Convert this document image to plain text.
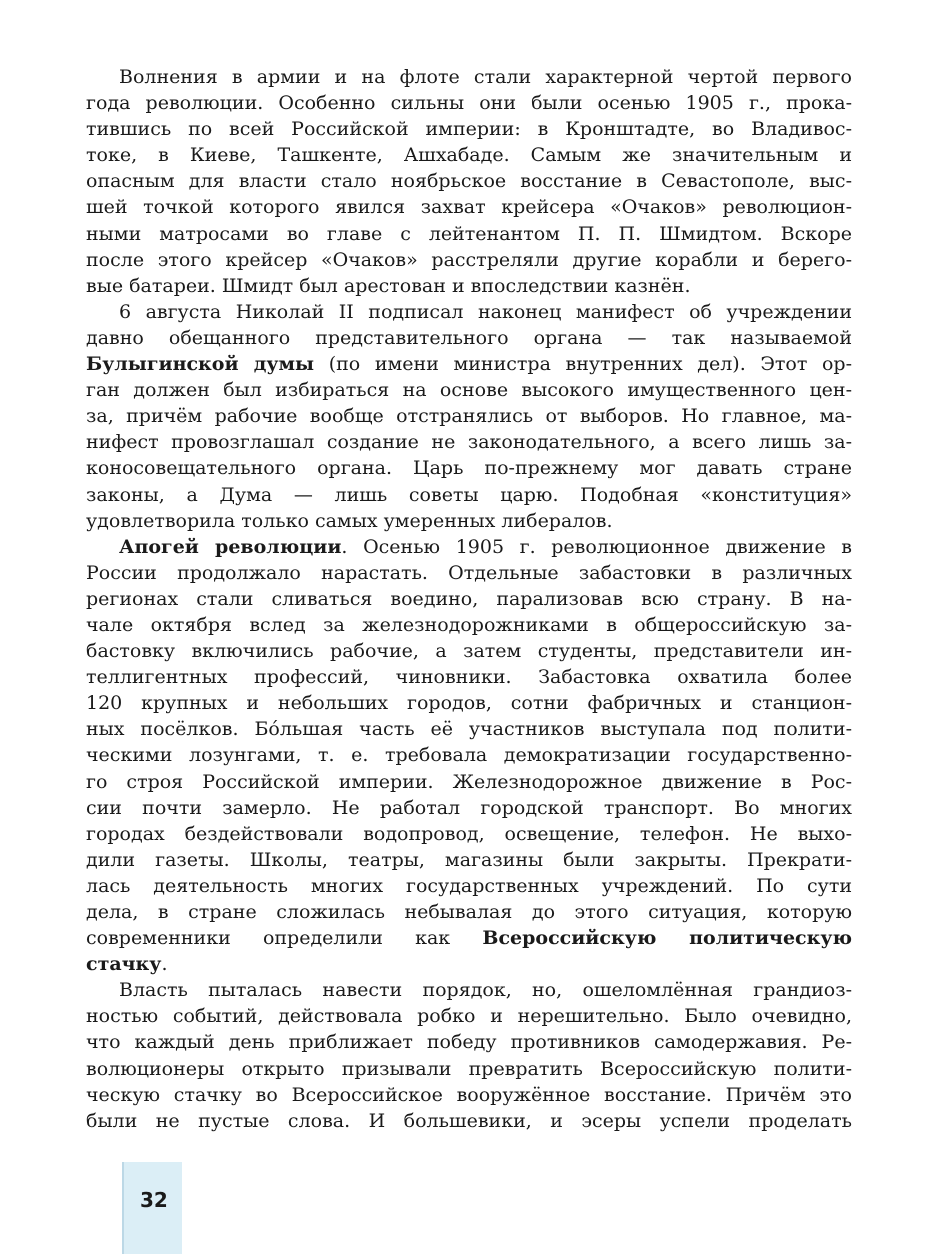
Волнения в армии и на флоте стали характерной чертой первого
года революции. Особенно сильны они были осенью 1905 г., прока-
тившись по всей Российской империи: в Кронштадте, во Владивос-
токе, в Киеве, Ташкенте, Ашхабаде. Самым же значительным и
опасным для власти стало ноябрьское восстание в Севастополе, выс-
шей точкой которого явился захват крейсера «Очаков» революцион-
ными матросами во главе с лейтенантом П. П. Шмидтом. Вскоре
после этого крейсер «Очаков» расстреляли другие корабли и берего-
вые батареи. Шмидт был арестован и впоследствии казнён.
6 августа Николай II подписал наконец манифест об учреждении
давно обещанного представительного органа — так называемой
Булыгинской думы (по имени министра внутренних дел). Этот ор-
ган должен был избираться на основе высокого имущественного цен-
за, причём рабочие вообще отстранялись от выборов. Но главное, ма-
нифест провозглашал создание не законодательного, а всего лишь за-
коносовещательного органа. Царь по-прежнему мог давать стране
законы, а Дума — лишь советы царю. Подобная «конституция»
удовлетворила только самых умеренных либералов.
Апогей революции. Осенью 1905 г. революционное движение в
России продолжало нарастать. Отдельные забастовки в различных
регионах стали сливаться воедино, парализовав всю страну. В на-
чале октября вслед за железнодорожниками в общероссийскую за-
бастовку включились рабочие, а затем студенты, представители ин-
теллигентных профессий, чиновники. Забастовка охватила более
120 крупных и небольших городов, сотни фабричных и станцион-
ных посёлков. Бóльшая часть её участников выступала под полити-
ческими лозунгами, т. е. требовала демократизации государственно-
го строя Российской империи. Железнодорожное движение в Рос-
сии почти замерло. Не работал городской транспорт. Во многих
городах бездействовали водопровод, освещение, телефон. Не выхо-
дили газеты. Школы, театры, магазины были закрыты. Прекрати-
лась деятельность многих государственных учреждений. По сути
дела, в стране сложилась небывалая до этого ситуация, которую
современники определили как Всероссийскую политическую
стачку.
Власть пыталась навести порядок, но, ошеломлённая грандиоз-
ностью событий, действовала робко и нерешительно. Было очевидно,
что каждый день приближает победу противников самодержавия. Ре-
волюционеры открыто призывали превратить Всероссийскую полити-
ческую стачку во Всероссийское вооружённое восстание. Причём это
были не пустые слова. И большевики, и эсеры успели проделать
32
